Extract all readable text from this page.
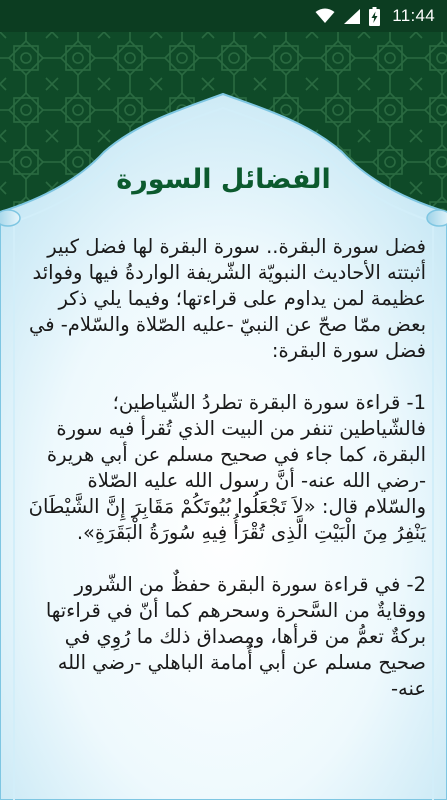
11:44
الفضائل السورة

فضل سورة البقرة.. سورة البقرة لها فضل كبير أثبتته الأحاديث النبويّة الشّريفة الواردةُ فيها وفوائد عظيمة لمن يداوم على قراءتها؛ وفيما يلي ذكر بعض ممّا صحّ عن النبيّ -عليه الصّلاة والسّلام- في فضل سورة البقرة:

1- قراءة سورة البقرة تطردُ الشّياطين؛ فالشّياطين تنفر من البيت الذي تُقرأ فيه سورة البقرة، كما جاء في صحيح مسلم عن أبي هريرة -رضي الله عنه- أنَّ رسول الله عليه الصّلاة والسّلام قال: «لاَ تَجْعَلُوا بُيُوتَكُمْ مَقَابِرَ إِنَّ الشَّيْطَانَ يَنْفِرُ مِنَ الْبَيْتِ الَّذِى تُقْرَأُ فِيهِ سُورَةُ الْبَقَرَةِ».

2- في قراءة سورة البقرة حفظٌ من الشّرور ووقايةٌ من السَّحرة وسحرهم كما أنّ في قراءتها بركةٌ تعمُّ من قرأها، ومِصداق ذلك ما رُوِي في صحيح مسلم عن أبي أُمامة الباهلي -رضي الله عنه-
